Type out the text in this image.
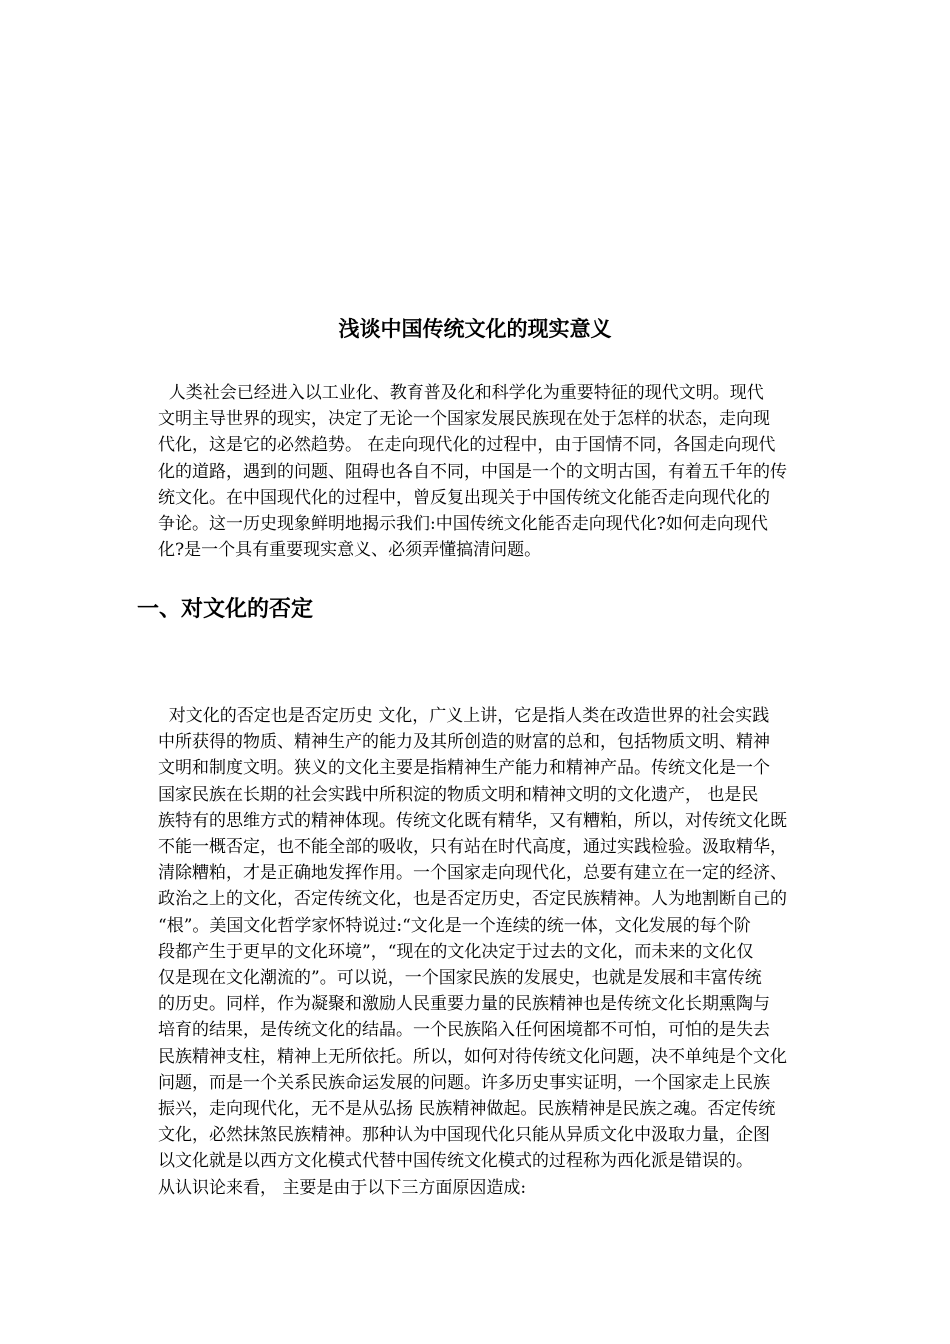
浅谈中国传统文化的现实意义
人类社会已经进入以工业化、教育普及化和科学化为重要特征的现代文明。现代
文明主导世界的现实，决定了无论一个国家发展民族现在处于怎样的状态，走向现
代化，这是它的必然趋势。 在走向现代化的过程中，由于国情不同，各国走向现代
化的道路，遇到的问题、阻碍也各自不同，中国是一个的文明古国，有着五千年的传
统文化。在中国现代化的过程中，曾反复出现关于中国传统文化能否走向现代化的
争论。这一历史现象鲜明地揭示我们:中国传统文化能否走向现代化?如何走向现代
化?是一个具有重要现实意义、必须弄懂搞清问题。
一、对文化的否定
对文化的否定也是否定历史 文化，广义上讲，它是指人类在改造世界的社会实践
中所获得的物质、精神生产的能力及其所创造的财富的总和，包括物质文明、精神
文明和制度文明。狭义的文化主要是指精神生产能力和精神产品。传统文化是一个
国家民族在长期的社会实践中所积淀的物质文明和精神文明的文化遗产， 也是民
族特有的思维方式的精神体现。传统文化既有精华，又有糟粕，所以，对传统文化既
不能一概否定，也不能全部的吸收，只有站在时代高度，通过实践检验。汲取精华，
清除糟粕，才是正确地发挥作用。一个国家走向现代化，总要有建立在一定的经济、
政治之上的文化，否定传统文化，也是否定历史，否定民族精神。人为地割断自己的
“根”。美国文化哲学家怀特说过:“文化是一个连续的统一体，文化发展的每个阶
段都产生于更早的文化环境”，“现在的文化决定于过去的文化，而未来的文化仅
仅是现在文化潮流的”。可以说，一个国家民族的发展史，也就是发展和丰富传统
的历史。同样，作为凝聚和激励人民重要力量的民族精神也是传统文化长期熏陶与
培育的结果，是传统文化的结晶。一个民族陷入任何困境都不可怕，可怕的是失去
民族精神支柱，精神上无所依托。所以，如何对待传统文化问题，决不单纯是个文化
问题，而是一个关系民族命运发展的问题。许多历史事实证明，一个国家走上民族
振兴，走向现代化，无不是从弘扬 民族精神做起。民族精神是民族之魂。否定传统
文化，必然抹煞民族精神。那种认为中国现代化只能从异质文化中汲取力量，企图
以文化就是以西方文化模式代替中国传统文化模式的过程称为西化派是错误的。
从认识论来看， 主要是由于以下三方面原因造成:
